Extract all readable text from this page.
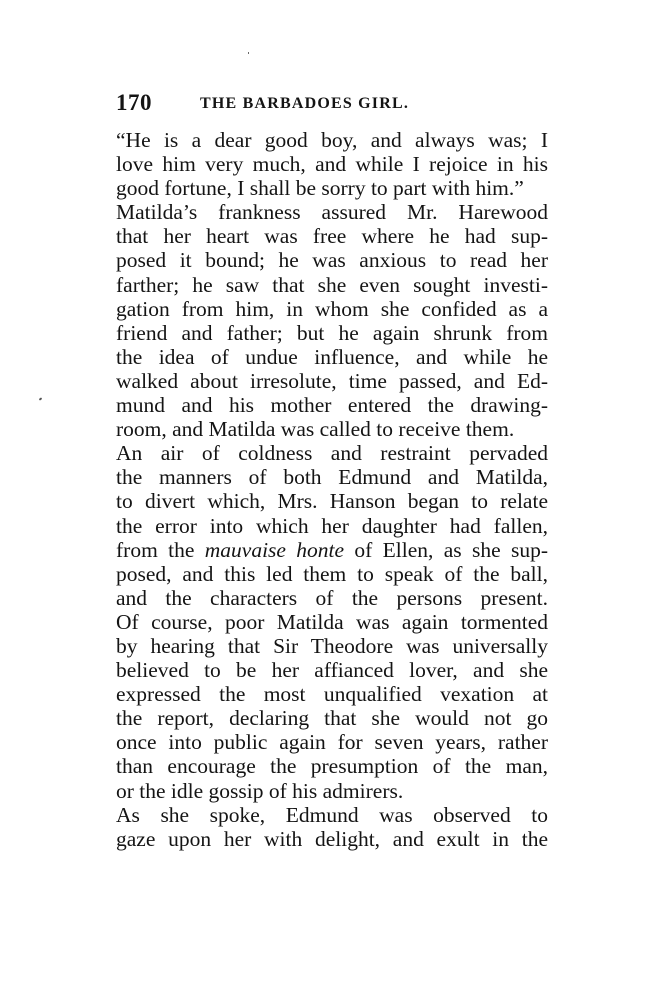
170	THE BARBADOES GIRL.
“He is a dear good boy, and always was; I
love him very much, and while I rejoice in his
good fortune, I shall be sorry to part with him.”
Matilda’s frankness assured Mr. Harewood
that her heart was free where he had sup-
posed it bound; he was anxious to read her
farther; he saw that she even sought investi-
gation from him, in whom she confided as a
friend and father; but he again shrunk from
the idea of undue influence, and while he
walked about irresolute, time passed, and Ed-
mund and his mother entered the drawing-
room, and Matilda was called to receive them.
An air of coldness and restraint pervaded
the manners of both Edmund and Matilda,
to divert which, Mrs. Hanson began to relate
the error into which her daughter had fallen,
from the mauvaise honte of Ellen, as she sup-
posed, and this led them to speak of the ball,
and the characters of the persons present.
Of course, poor Matilda was again tormented
by hearing that Sir Theodore was universally
believed to be her affianced lover, and she
expressed the most unqualified vexation at
the report, declaring that she would not go
once into public again for seven years, rather
than encourage the presumption of the man,
or the idle gossip of his admirers.
As she spoke, Edmund was observed to
gaze upon her with delight, and exult in the
